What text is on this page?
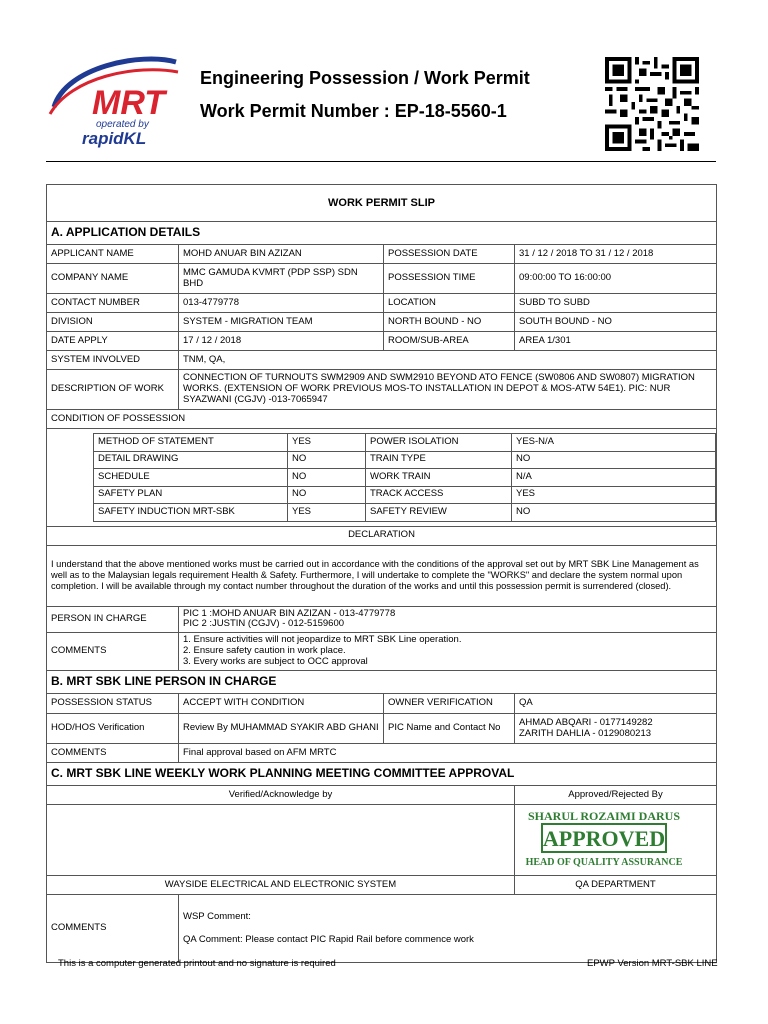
MRT
operated by
rapidKL
Engineering Possession / Work Permit
Work Permit Number : EP-18-5560-1
WORK PERMIT SLIP
A. APPLICATION DETAILS
APPLICANT NAME	MOHD ANUAR BIN AZIZAN	POSSESSION DATE	31 / 12 / 2018 TO 31 / 12 / 2018
COMPANY NAME	MMC GAMUDA KVMRT (PDP SSP) SDN BHD	POSSESSION TIME	09:00:00 TO 16:00:00
CONTACT NUMBER	013-4779778	LOCATION	SUBD TO SUBD
DIVISION	SYSTEM - MIGRATION TEAM	NORTH BOUND - NO	SOUTH BOUND - NO
DATE APPLY	17 / 12 / 2018	ROOM/SUB-AREA	AREA 1/301
SYSTEM INVOLVED	TNM, QA,
DESCRIPTION OF WORK	CONNECTION OF TURNOUTS SWM2909 AND SWM2910 BEYOND ATO FENCE (SW0806 AND SW0807) MIGRATION WORKS. (EXTENSION OF WORK PREVIOUS MOS-TO INSTALLATION IN DEPOT & MOS-ATW 54E1). PIC: NUR SYAZWANI (CGJV) -013-7065947
CONDITION OF POSSESSION

METHOD OF STATEMENT	YES	POWER ISOLATION	YES-N/A
DETAIL DRAWING	NO	TRAIN TYPE	NO
SCHEDULE	NO	WORK TRAIN	N/A
SAFETY PLAN	NO	TRACK ACCESS	YES
SAFETY INDUCTION MRT-SBK	YES	SAFETY REVIEW	NO

DECLARATION
I understand that the above mentioned works must be carried out in accordance with the conditions of the approval set out by MRT SBK Line Management as well as to the Malaysian legals requirement Health & Safety. Furthermore, I will undertake to complete the "WORKS" and declare the system normal upon completion. I will be available through my contact number throughout the duration of the works and until this possession permit is surrendered (closed).
PERSON IN CHARGE	PIC 1 :MOHD ANUAR BIN AZIZAN - 013-4779778
PIC 2 :JUSTIN (CGJV) - 012-5159600

COMMENTS	
1. Ensure activities will not jeopardize to MRT SBK Line operation.
2. Ensure safety caution in work place.
3. Every works are subject to OCC approval

B. MRT SBK LINE PERSON IN CHARGE
POSSESSION STATUS	ACCEPT WITH CONDITION	OWNER VERIFICATION	QA
HOD/HOS Verification	Review By MUHAMMAD SYAKIR ABD GHANI	PIC Name and Contact No	AHMAD ABQARI - 0177149282
ZARITH DAHLIA - 0129080213

COMMENTS	Final approval based on AFM MRTC
C. MRT SBK LINE WEEKLY WORK PLANNING MEETING COMMITTEE APPROVAL
Verified/Acknowledge by	Approved/Rejected By

SHARUL ROZAIMI DARUS
APPROVED
HEAD OF QUALITY ASSURANCE

WAYSIDE ELECTRICAL AND ELECTRONIC SYSTEM	QA DEPARTMENT
COMMENTS	
WSP Comment:
QA Comment: Please contact PIC Rapid Rail before commence work
This is a computer generated printout and no signature is required	EPWP Version MRT-SBK LINE
